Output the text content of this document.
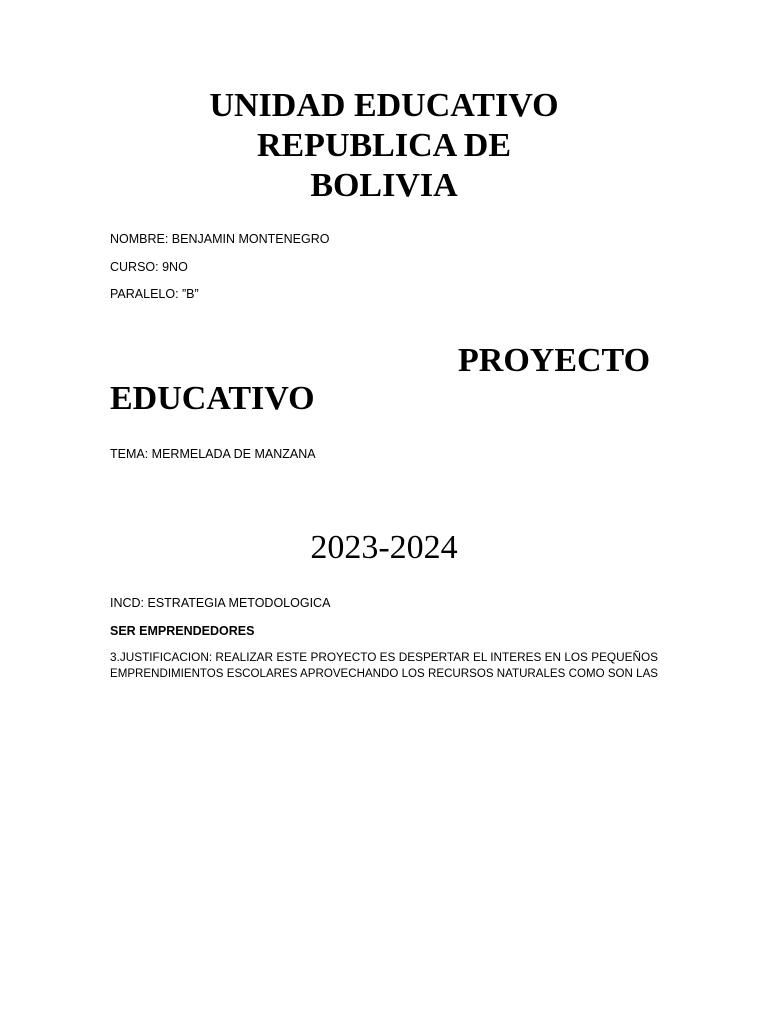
UNIDAD EDUCATIVO
REPUBLICA DE
BOLIVIA
NOMBRE: BENJAMIN MONTENEGRO
CURSO: 9NO
PARALELO: ”B”
PROYECTO
EDUCATIVO
TEMA: MERMELADA DE MANZANA
2023-2024
INCD: ESTRATEGIA METODOLOGICA
SER EMPRENDEDORES
3.JUSTIFICACION: REALIZAR ESTE PROYECTO ES DESPERTAR EL INTERES EN LOS PEQUEÑOS
EMPRENDIMIENTOS ESCOLARES APROVECHANDO LOS RECURSOS NATURALES COMO SON LAS
